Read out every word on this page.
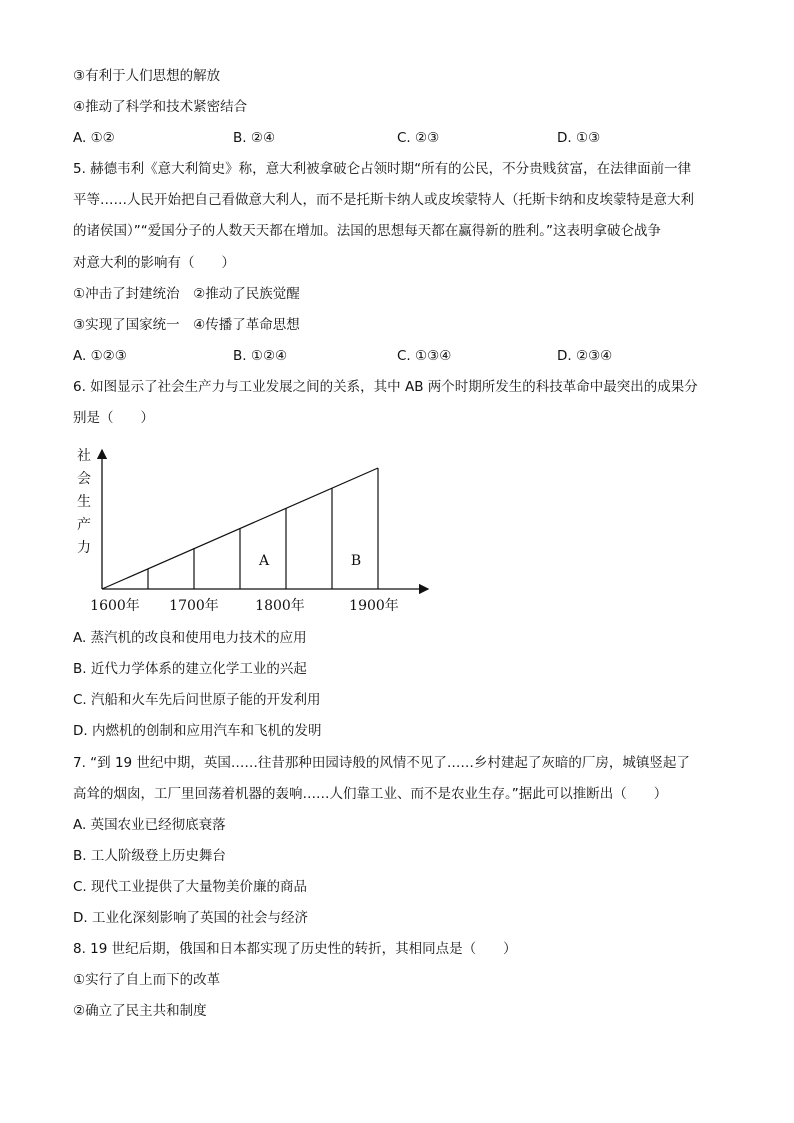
③有利于人们思想的解放
④推动了科学和技术紧密结合
A. ①②	B. ②④	C. ②③	D. ①③
5. 赫德韦利《意大利简史》称，意大利被拿破仑占领时期“所有的公民，不分贵贱贫富，在法律面前一律
平等……人民开始把自己看做意大利人，而不是托斯卡纳人或皮埃蒙特人（托斯卡纳和皮埃蒙特是意大利
的诸侯国）”“爱国分子的人数天天都在增加。法国的思想每天都在赢得新的胜利。”这表明拿破仑战争
对意大利的影响有（　　）
①冲击了封建统治　②推动了民族觉醒
③实现了国家统一　④传播了革命思想
A. ①②③	B. ①②④	C. ①③④	D. ②③④
6. 如图显示了社会生产力与工业发展之间的关系，其中 AB 两个时期所发生的科技革命中最突出的成果分
别是（　　）
社
会
生
产
力
A	B
1600年 1700年	1800年	1900年
A. 蒸汽机的改良和使用电力技术的应用
B. 近代力学体系的建立化学工业的兴起
C. 汽船和火车先后问世原子能的开发利用
D. 内燃机的创制和应用汽车和飞机的发明
7. “到 19 世纪中期，英国……往昔那种田园诗般的风情不见了……乡村建起了灰暗的厂房，城镇竖起了
高耸的烟囱，工厂里回荡着机器的轰响……人们靠工业、而不是农业生存。”据此可以推断出（　　）
A. 英国农业已经彻底衰落
B. 工人阶级登上历史舞台
C. 现代工业提供了大量物美价廉的商品
D. 工业化深刻影响了英国的社会与经济
8. 19 世纪后期，俄国和日本都实现了历史性的转折，其相同点是（　　）
①实行了自上而下的改革
②确立了民主共和制度
